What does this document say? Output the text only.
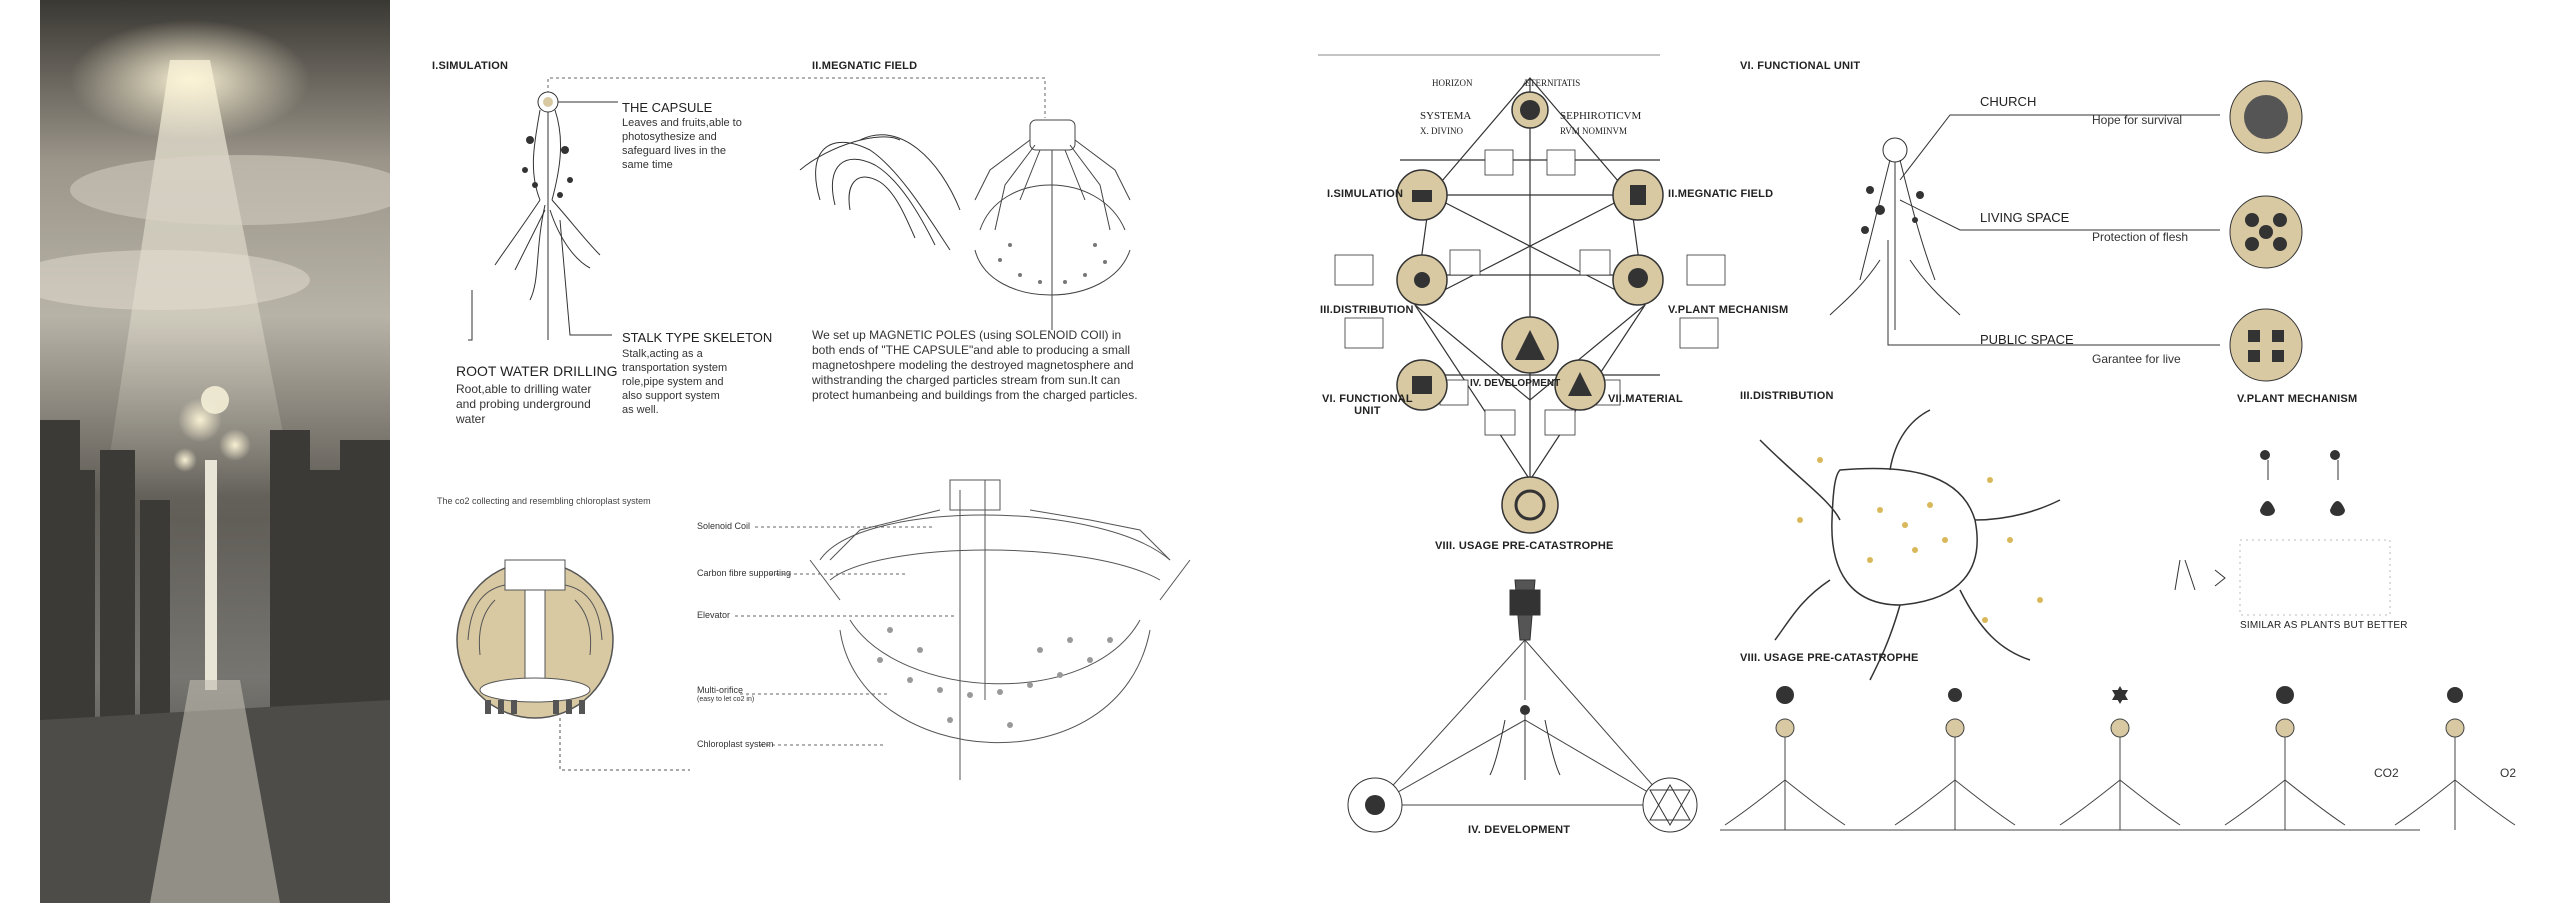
I.SIMULATION	II.MEGNATIC FIELD
THE CAPSULE
Leaves and fruits,able to
photosythesize and
safeguard lives in the
same time
STALK TYPE SKELETON
Stalk,acting as a
transportation system
role,pipe system and
also support system
as well.
ROOT WATER DRILLING
Root,able to drilling water
and probing underground
water
We set up MAGNETIC POLES (using SOLENOID COIl) in
both ends of "THE CAPSULE"and able to producing a small
magnetoshpere modeling the destroyed magnetosphere and
withstranding the charged particles stream from sun.It can
protect humanbeing and buildings from the charged particles.
The co2 collecting and resembling chloroplast system
Solenoid Coil
Carbon fibre supporting
Elevator
Multi-orifice
(easy to let co2 in)
Chloroplast system
HORIZON	ÆTERNITATIS
SYSTEMA	SEPHIROTICVM
X. DIVINO	RVM NOMINVM
I.SIMULATION	II.MEGNATIC FIELD
III.DISTRIBUTION	V.PLANT MECHANISM
VI. FUNCTIONAL
UNIT
VII.MATERIAL
IV. DEVELOPMENT
VIII. USAGE PRE-CATASTROPHE
IV. DEVELOPMENT
VI. FUNCTIONAL UNIT
CHURCH
Hope for survival
LIVING SPACE
Protection of flesh
PUBLIC SPACE
Garantee for live
III.DISTRIBUTION	V.PLANT MECHANISM
SIMILAR AS PLANTS BUT BETTER
VIII. USAGE PRE-CATASTROPHE
CO2	O2
